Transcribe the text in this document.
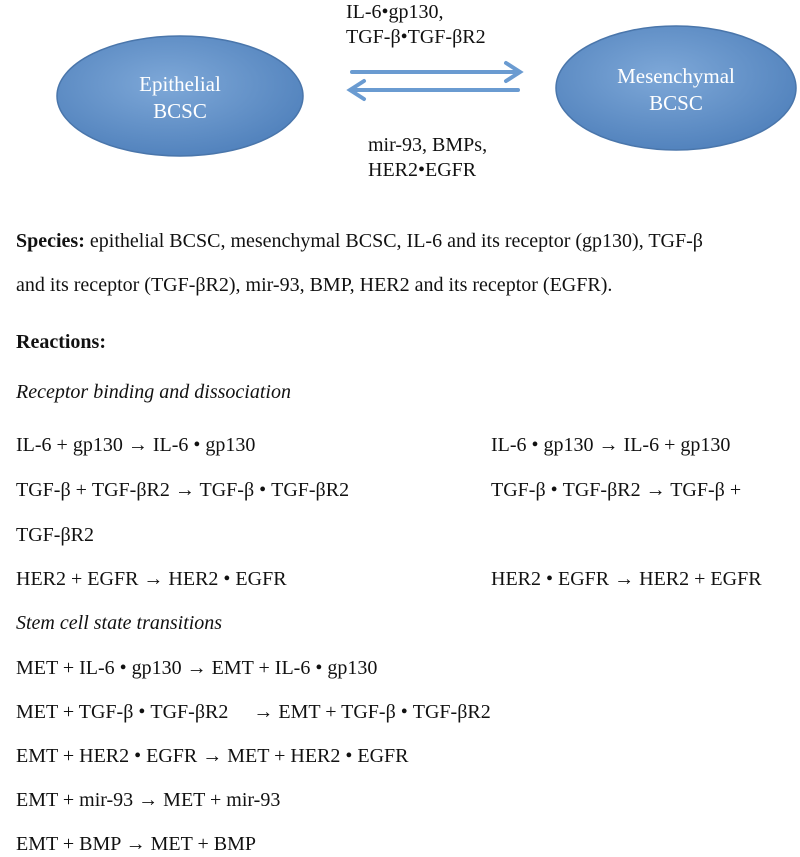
Epithelial
BCSC
Mesenchymal
BCSC
IL-6•gp130,
TGF-β•TGF-βR2
mir-93, BMPs,
HER2•EGFR
Species: epithelial BCSC, mesenchymal BCSC, IL-6 and its receptor (gp130), TGF-β
and its receptor (TGF-βR2), mir-93, BMP, HER2 and its receptor (EGFR).
Reactions:
Receptor binding and dissociation
IL-6 + gp130 → IL-6 • gp130	IL-6 • gp130 → IL-6 + gp130
TGF-β + TGF-βR2 → TGF-β • TGF-βR2	TGF-β • TGF-βR2 → TGF-β +
TGF-βR2
HER2 + EGFR → HER2 • EGFR	HER2 • EGFR → HER2 + EGFR
Stem cell state transitions
MET + IL-6 • gp130 → EMT + IL-6 • gp130
MET + TGF-β • TGF-βR2     → EMT + TGF-β • TGF-βR2
EMT + HER2 • EGFR → MET + HER2 • EGFR
EMT + mir-93 → MET + mir-93
EMT + BMP → MET + BMP
